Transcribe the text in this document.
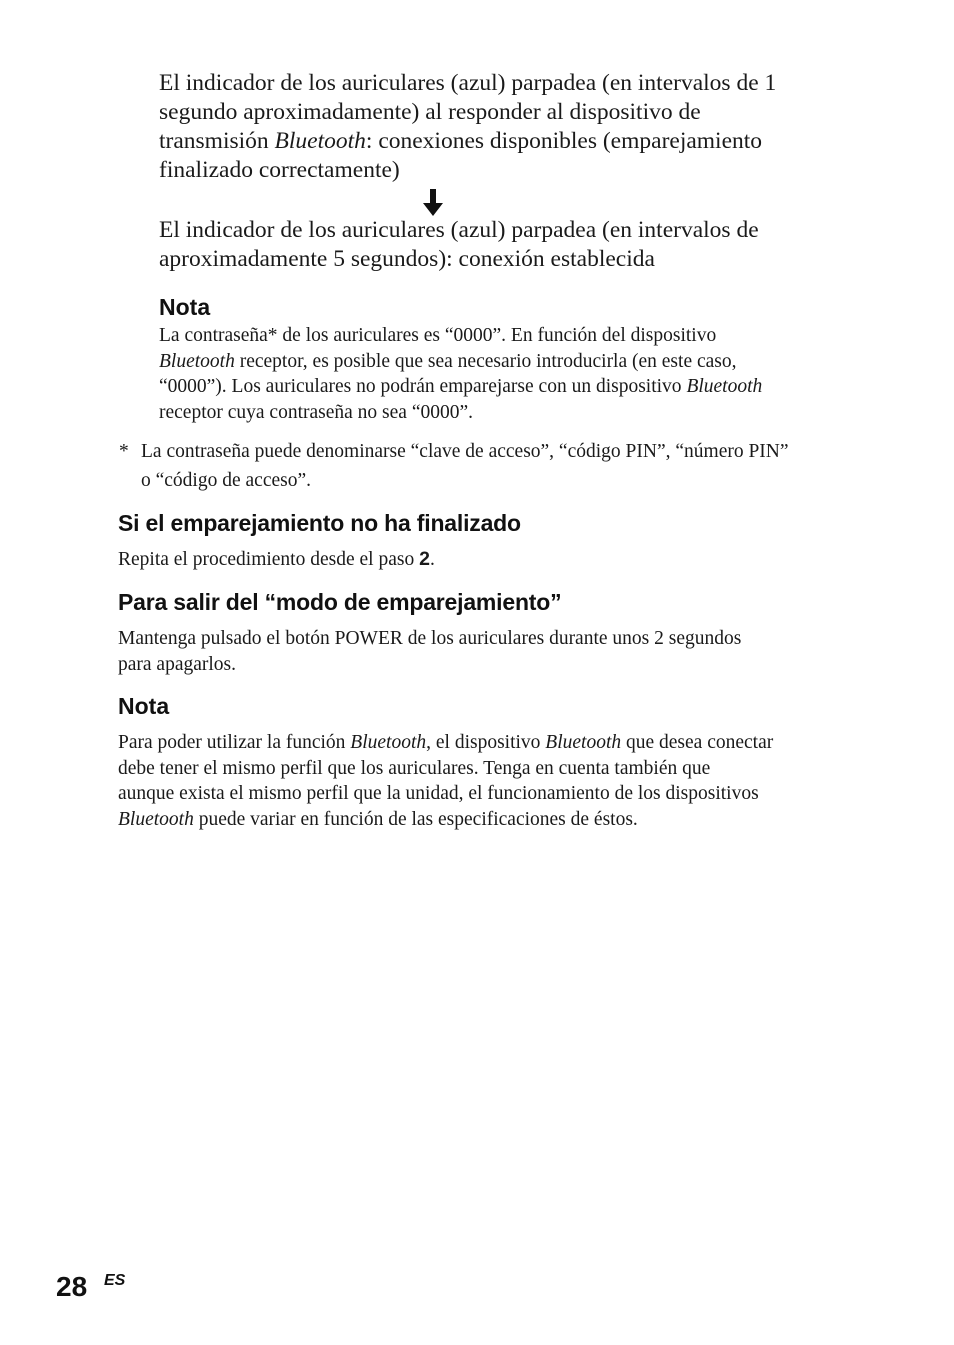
El indicador de los auriculares (azul) parpadea (en intervalos de 1
segundo aproximadamente) al responder al dispositivo de
transmisión Bluetooth: conexiones disponibles (emparejamiento
finalizado correctamente)
El indicador de los auriculares (azul) parpadea (en intervalos de
aproximadamente 5 segundos): conexión establecida
Nota
La contraseña* de los auriculares es “0000”. En función del dispositivo
Bluetooth receptor, es posible que sea necesario introducirla (en este caso,
“0000”). Los auriculares no podrán emparejarse con un dispositivo Bluetooth
receptor cuya contraseña no sea “0000”.
* La contraseña puede denominarse “clave de acceso”, “código PIN”, “número PIN”
o “código de acceso”.
Si el emparejamiento no ha finalizado
Repita el procedimiento desde el paso 2.
Para salir del “modo de emparejamiento”
Mantenga pulsado el botón POWER de los auriculares durante unos 2 segundos
para apagarlos.
Nota
Para poder utilizar la función Bluetooth, el dispositivo Bluetooth que desea conectar
debe tener el mismo perfil que los auriculares. Tenga en cuenta también que
aunque exista el mismo perfil que la unidad, el funcionamiento de los dispositivos
Bluetooth puede variar en función de las especificaciones de éstos.
28 ES
